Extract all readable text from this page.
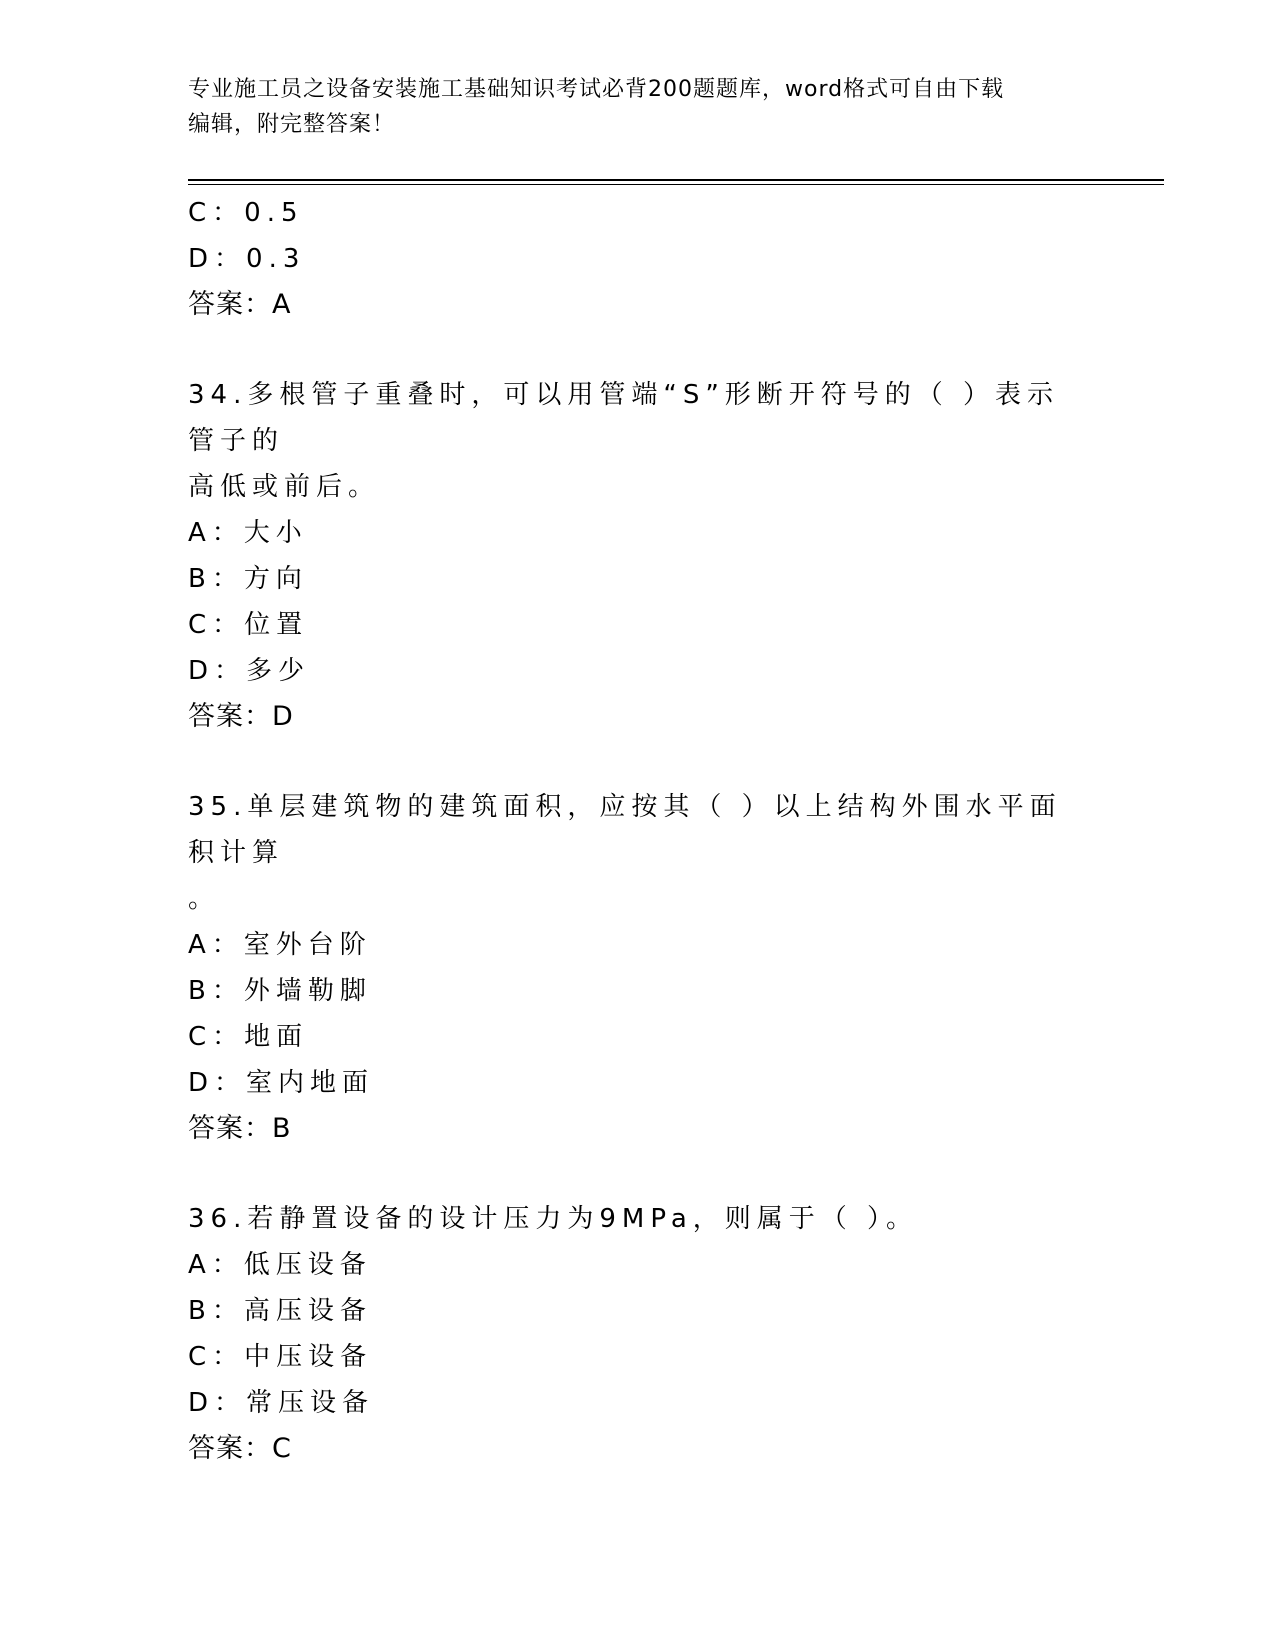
专业施工员之设备安装施工基础知识考试必背200题题库，word格式可自由下载
编辑，附完整答案！
C：0.5
D：0.3
答案：A
34.多根管子重叠时，可以用管端“S”形断开符号的（ ）表示管子的
高低或前后。
A：大小
B：方向
C：位置
D：多少
答案：D
35.单层建筑物的建筑面积，应按其（ ）以上结构外围水平面积计算
。
A：室外台阶
B：外墙勒脚
C：地面
D：室内地面
答案：B
36.若静置设备的设计压力为9MPa，则属于（ ）。
A：低压设备
B：高压设备
C：中压设备
D：常压设备
答案：C
